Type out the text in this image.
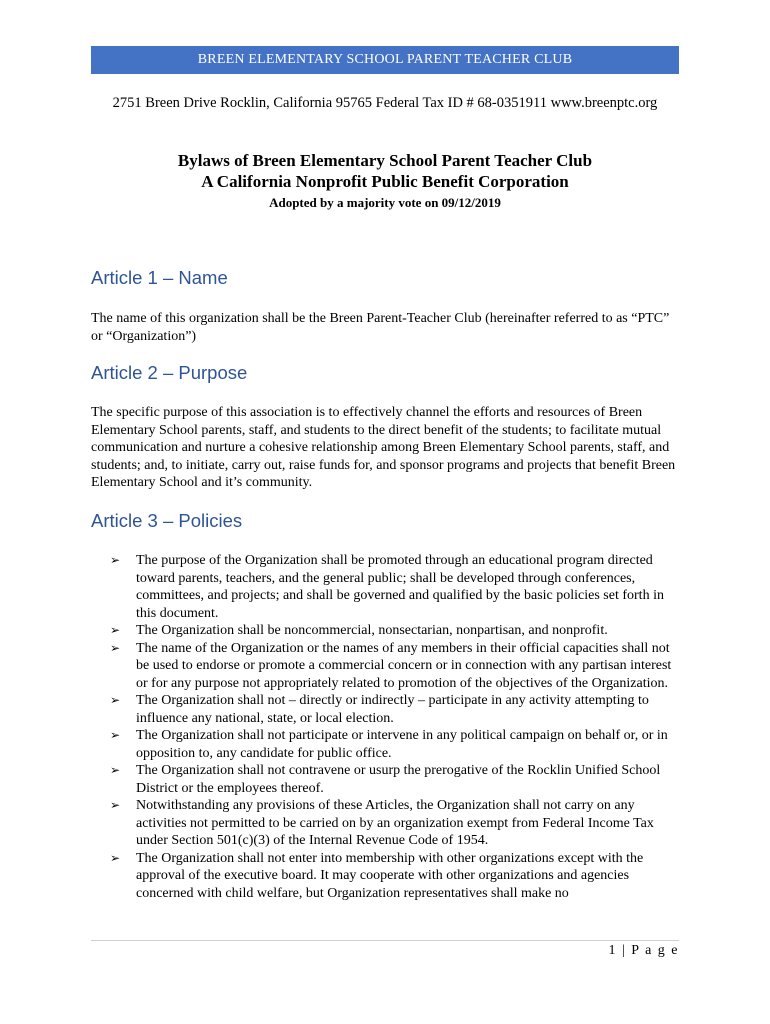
BREEN ELEMENTARY SCHOOL PARENT TEACHER CLUB
2751 Breen Drive Rocklin, California 95765 Federal Tax ID # 68-0351911 www.breenptc.org
Bylaws of Breen Elementary School Parent Teacher Club
A California Nonprofit Public Benefit Corporation
Adopted by a majority vote on 09/12/2019
Article 1 – Name
The name of this organization shall be the Breen Parent-Teacher Club (hereinafter referred to as “PTC” or “Organization”)
Article 2 – Purpose
The specific purpose of this association is to effectively channel the efforts and resources of Breen Elementary School parents, staff, and students to the direct benefit of the students; to facilitate mutual communication and nurture a cohesive relationship among Breen Elementary School parents, staff, and students; and, to initiate, carry out, raise funds for, and sponsor programs and projects that benefit Breen Elementary School and it’s community.
Article 3 – Policies
➢ The purpose of the Organization shall be promoted through an educational program directed toward parents, teachers, and the general public; shall be developed through conferences, committees, and projects; and shall be governed and qualified by the basic policies set forth in this document.
➢ The Organization shall be noncommercial, nonsectarian, nonpartisan, and nonprofit.
➢ The name of the Organization or the names of any members in their official capacities shall not be used to endorse or promote a commercial concern or in connection with any partisan interest or for any purpose not appropriately related to promotion of the objectives of the Organization.
➢ The Organization shall not – directly or indirectly – participate in any activity attempting to influence any national, state, or local election.
➢ The Organization shall not participate or intervene in any political campaign on behalf or, or in opposition to, any candidate for public office.
➢ The Organization shall not contravene or usurp the prerogative of the Rocklin Unified School District or the employees thereof.
➢ Notwithstanding any provisions of these Articles, the Organization shall not carry on any activities not permitted to be carried on by an organization exempt from Federal Income Tax under Section 501(c)(3) of the Internal Revenue Code of 1954.
➢ The Organization shall not enter into membership with other organizations except with the approval of the executive board. It may cooperate with other organizations and agencies concerned with child welfare, but Organization representatives shall make no
1 | P a g e
